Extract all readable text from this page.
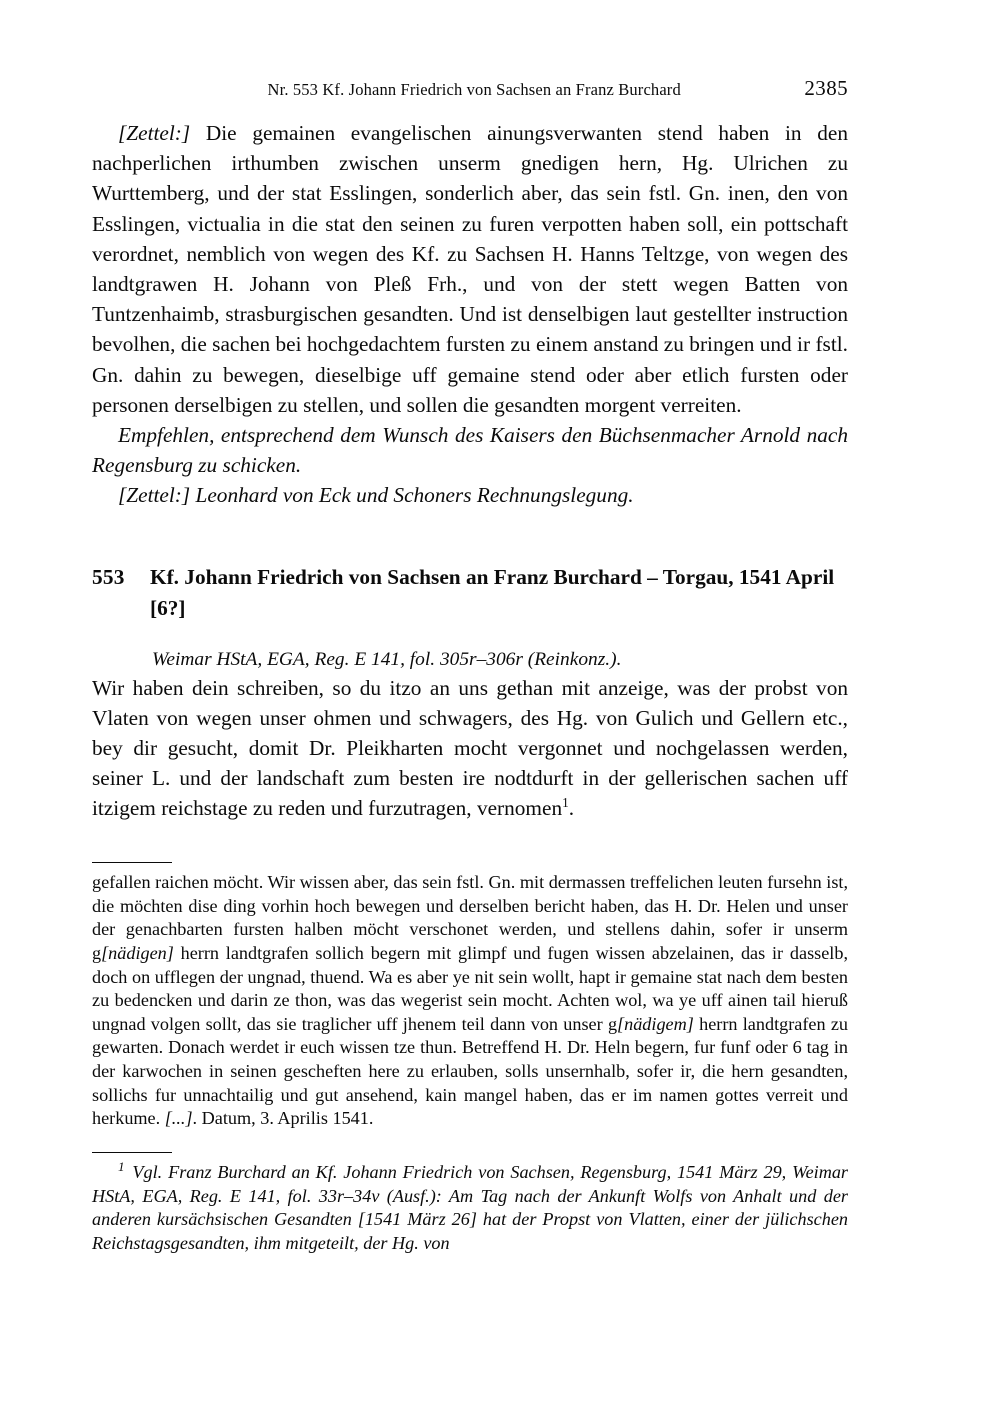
Nr. 553 Kf. Johann Friedrich von Sachsen an Franz Burchard	2385

[Zettel:] Die gemainen evangelischen ainungsverwanten stend haben in den nachperlichen irthumben zwischen unserm gnedigen hern, Hg. Ulrichen zu Wurttemberg, und der stat Esslingen, sonderlich aber, das sein fstl. Gn. inen, den von Esslingen, victualia in die stat den seinen zu furen verpotten haben soll, ein pottschaft verordnet, nemblich von wegen des Kf. zu Sachsen H. Hanns Teltzge, von wegen des landtgrawen H. Johann von Pleß Frh., und von der stett wegen Batten von Tuntzenhaimb, strasburgischen gesandten. Und ist denselbigen laut gestellter instruction bevolhen, die sachen bei hochgedachtem fursten zu einem anstand zu bringen und ir fstl. Gn. dahin zu bewegen, dieselbige uff gemaine stend oder aber etlich fursten oder personen derselbigen zu stellen, und sollen die gesandten morgent verreiten.

Empfehlen, entsprechend dem Wunsch des Kaisers den Büchsenmacher Arnold nach Regensburg zu schicken.

[Zettel:] Leonhard von Eck und Schoners Rechnungslegung.

553	Kf. Johann Friedrich von Sachsen an Franz Burchard – Torgau, 1541 April [6?]
Weimar HStA, EGA, Reg. E 141, fol. 305r–306r (Reinkonz.).

Wir haben dein schreiben, so du itzo an uns gethan mit anzeige, was der probst von Vlaten von wegen unser ohmen und schwagers, des Hg. von Gulich und Gellern etc., bey dir gesucht, domit Dr. Pleikharten mocht vergonnet und nochgelassen werden, seiner L. und der landschaft zum besten ire nodtdurft in der gellerischen sachen uff itzigem reichstage zu reden und furzutragen, vernomen$^1$.

gefallen raichen möcht. Wir wissen aber, das sein fstl. Gn. mit dermassen treffelichen leuten fursehn ist, die möchten dise ding vorhin hoch bewegen und derselben bericht haben, das H. Dr. Helen und unser der genachbarten fursten halben möcht verschonet werden, und stellens dahin, sofer ir unserm g[nädigen] herrn landtgrafen sollich begern mit glimpf und fugen wissen abzelainen, das ir dasselb, doch on ufflegen der ungnad, thuend. Wa es aber ye nit sein wollt, hapt ir gemaine stat nach dem besten zu bedencken und darin ze thon, was das wegerist sein mocht. Achten wol, wa ye uff ainen tail hieruß ungnad volgen sollt, das sie traglicher uff jhenem teil dann von unser g[nädigem] herrn landtgrafen zu gewarten. Donach werdet ir euch wissen tze thun. Betreffend H. Dr. Heln begern, fur funf oder 6 tag in der karwochen in seinen gescheften here zu erlauben, solls unsernhalb, sofer ir, die hern gesandten, sollichs fur unnachtailig und gut ansehend, kain mangel haben, das er im namen gottes verreit und herkume. [...]. Datum, 3. Aprilis 1541.

$^1$ Vgl. Franz Burchard an Kf. Johann Friedrich von Sachsen, Regensburg, 1541 März 29, Weimar HStA, EGA, Reg. E 141, fol. 33r–34v (Ausf.): Am Tag nach der Ankunft Wolfs von Anhalt und der anderen kursächsischen Gesandten [1541 März 26] hat der Propst von Vlatten, einer der jülichschen Reichstagsgesandten, ihm mitgeteilt, der Hg. von
